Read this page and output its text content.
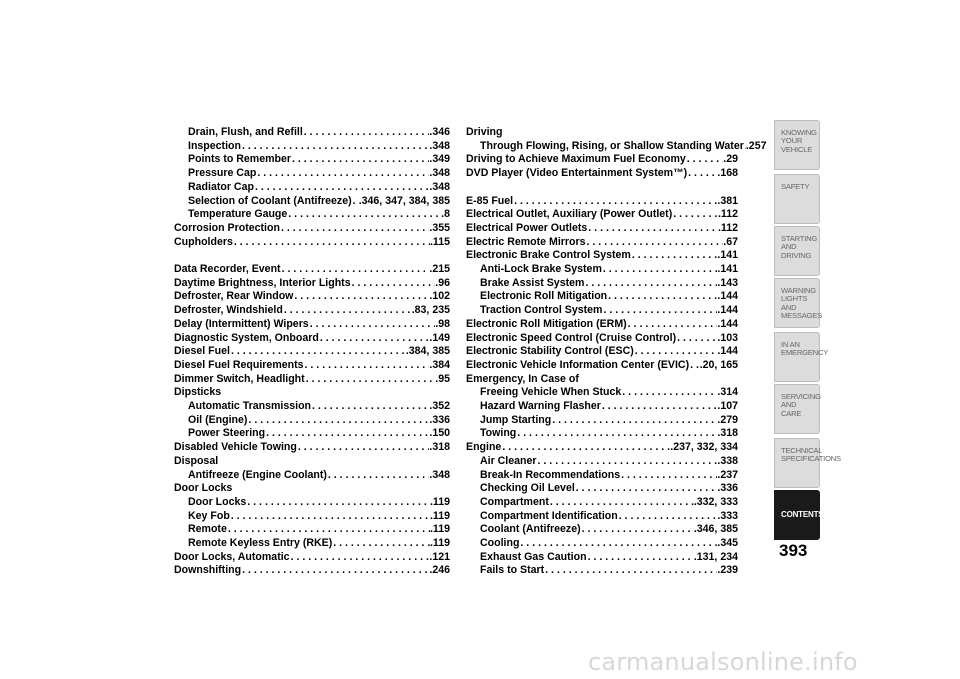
Drain, Flush, and Refill . . .	.346
Inspection . . .	.348
Points to Remember . . .	.349
Pressure Cap . . .	.348
Radiator Cap . . .	.348
Selection of Coolant (Antifreeze) . . . .346, 347, 384, 385
Temperature Gauge . . .	.8
Corrosion Protection . . .	.355
Cupholders . . .	.115
Data Recorder, Event . . .	.215
Daytime Brightness, Interior Lights . . .	.96
Defroster, Rear Window . . .	.102
Defroster, Windshield . . .	.83, 235
Delay (Intermittent) Wipers . . .	.98
Diagnostic System, Onboard . . .	.149
Diesel Fuel . . .	.384, 385
Diesel Fuel Requirements . . .	.384
Dimmer Switch, Headlight . . .	.95
Dipsticks
Automatic Transmission . . .	.352
Oil (Engine) . . .	.336
Power Steering . . .	.150
Disabled Vehicle Towing . . .	.318
Disposal
Antifreeze (Engine Coolant) . . .	.348
Door Locks
Door Locks . . .	.119
Key Fob . . .	.119
Remote . . .	.119
Remote Keyless Entry (RKE) . . .	.119
Door Locks, Automatic . . .	.121
Downshifting . . .	.246
Driving
Through Flowing, Rising, or Shallow Standing Water . . . .257
Driving to Achieve Maximum Fuel Economy . . .	.29
DVD Player (Video Entertainment System™) . . .	.168
E-85 Fuel . . .	.381
Electrical Outlet, Auxiliary (Power Outlet) . . .	.112
Electrical Power Outlets . . .	.112
Electric Remote Mirrors . . .	.67
Electronic Brake Control System . . .	.141
Anti-Lock Brake System . . .	.141
Brake Assist System . . .	.143
Electronic Roll Mitigation . . .	.144
Traction Control System . . .	.144
Electronic Roll Mitigation (ERM) . . .	.144
Electronic Speed Control (Cruise Control) . . .	.103
Electronic Stability Control (ESC) . . .	.144
Electronic Vehicle Information Center (EVIC) . . . .20, 165
Emergency, In Case of
Freeing Vehicle When Stuck . . .	.314
Hazard Warning Flasher . . .	.107
Jump Starting . . .	.279
Towing . . .	.318
Engine . . .	.237, 332, 334
Air Cleaner . . .	.338
Break-In Recommendations . . .	.237
Checking Oil Level . . .	.336
Compartment . . .	.332, 333
Compartment Identification . . .	.333
Coolant (Antifreeze) . . .	.346, 385
Cooling . . .	.345
Exhaust Gas Caution . . .	.131, 234
Fails to Start . . .	.239
KNOWING
YOUR
VEHICLE
SAFETY
STARTING
AND
DRIVING
WARNING
LIGHTS
AND
MESSAGES
IN AN
EMERGENCY
SERVICING
AND CARE
TECHNICAL
SPECIFICATIONS
CONTENTS
393
carmanualsonline.info
